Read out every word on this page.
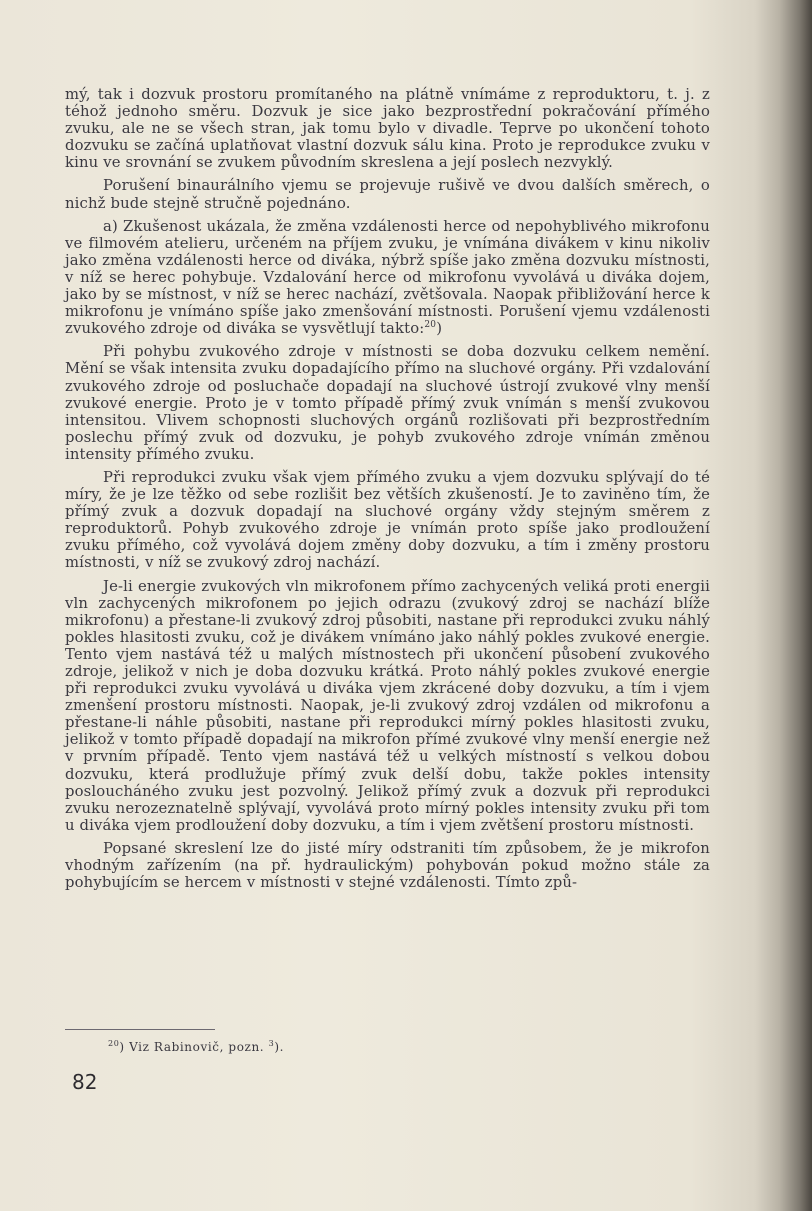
mý, tak i dozvuk prostoru promítaného na plátně vnímáme z reproduktoru, t. j. z téhož jednoho směru. Dozvuk je sice jako bezprostřední pokračování přímého zvuku, ale ne se všech stran, jak tomu bylo v divadle. Teprve po ukončení tohoto dozvuku se začíná uplatňovat vlastní dozvuk sálu kina. Proto je reprodukce zvuku v kinu ve srovnání se zvukem původním skreslena a její poslech nezvyklý.

Porušení binaurálního vjemu se projevuje rušivě ve dvou dalších směrech, o nichž bude stejně stručně pojednáno.

a) Zkušenost ukázala, že změna vzdálenosti herce od nepohyblivého mikrofonu ve filmovém atelieru, určeném na příjem zvuku, je vnímána divákem v kinu nikoliv jako změna vzdálenosti herce od diváka, nýbrž spíše jako změna dozvuku místnosti, v níž se herec pohybuje. Vzdalování herce od mikrofonu vyvolává u diváka dojem, jako by se místnost, v níž se herec nachází, zvětšovala. Naopak přibližování herce k mikrofonu je vnímáno spíše jako zmenšování místnosti. Porušení vjemu vzdálenosti zvukového zdroje od diváka se vysvětlují takto:$^{20}$)

Při pohybu zvukového zdroje v místnosti se doba dozvuku celkem nemění. Mění se však intensita zvuku dopadajícího přímo na sluchové orgány. Při vzdalování zvukového zdroje od posluchače dopadají na sluchové ústrojí zvukové vlny menší zvukové energie. Proto je v tomto případě přímý zvuk vnímán s menší zvukovou intensitou. Vlivem schopnosti sluchových orgánů rozlišovati při bezprostředním poslechu přímý zvuk od dozvuku, je pohyb zvukového zdroje vnímán změnou intensity přímého zvuku.

Při reprodukci zvuku však vjem přímého zvuku a vjem dozvuku splývají do té míry, že je lze těžko od sebe rozlišit bez větších zkušeností. Je to zaviněno tím, že přímý zvuk a dozvuk dopadají na sluchové orgány vždy stejným směrem z reproduktorů. Pohyb zvukového zdroje je vnímán proto spíše jako prodloužení zvuku přímého, což vyvolává dojem změny doby dozvuku, a tím i změny prostoru místnosti, v níž se zvukový zdroj nachází.

Je-li energie zvukových vln mikrofonem přímo zachycených veliká proti energii vln zachycených mikrofonem po jejich odrazu (zvukový zdroj se nachází blíže mikrofonu) a přestane-li zvukový zdroj působiti, nastane při reprodukci zvuku náhlý pokles hlasitosti zvuku, což je divákem vnímáno jako náhlý pokles zvukové energie. Tento vjem nastává též u malých místnostech při ukončení působení zvukového zdroje, jelikož v nich je doba dozvuku krátká. Proto náhlý pokles zvukové energie při reprodukci zvuku vyvolává u diváka vjem zkrácené doby dozvuku, a tím i vjem zmenšení prostoru místnosti. Naopak, je-li zvukový zdroj vzdálen od mikrofonu a přestane-li náhle působiti, nastane při reprodukci mírný pokles hlasitosti zvuku, jelikož v tomto případě dopadají na mikrofon přímé zvukové vlny menší energie než v prvním případě. Tento vjem nastává též u velkých místností s velkou dobou dozvuku, která prodlužuje přímý zvuk delší dobu, takže pokles intensity posloucháného zvuku jest pozvolný. Jelikož přímý zvuk a dozvuk při reprodukci zvuku nerozeznatelně splývají, vyvolává proto mírný pokles intensity zvuku při tom u diváka vjem prodloužení doby dozvuku, a tím i vjem zvětšení prostoru místnosti.

Popsané skreslení lze do jisté míry odstraniti tím způsobem, že je mikrofon vhodným zařízením (na př. hydraulickým) pohybován pokud možno stále za pohybujícím se hercem v místnosti v stejné vzdálenosti. Tímto způ-

$^{20}$) Viz Rabinovič, pozn. $^3$).
82
